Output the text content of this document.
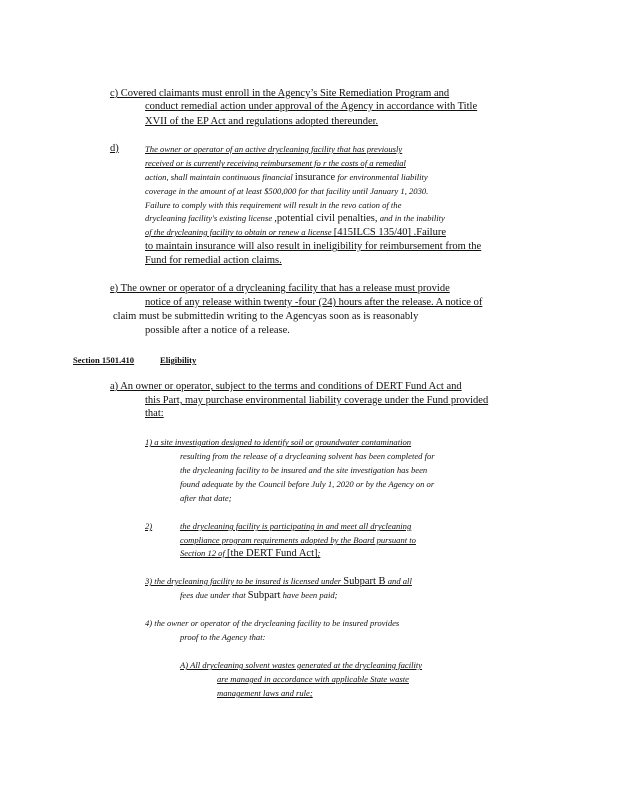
c) Covered claimants must enroll in the Agency’s Site Remediation Program and
conduct remedial action under approval of the Agency in accordance with Title
XVII of the EP Act and regulations adopted thereunder.
d)	The owner or operator of an active drycleaning facility that has previously
received or is currently receiving reimbursement fo r the costs of a remedial
action, shall maintain continuous financial insurance for environmental liability
coverage in the amount of at least $500,000 for that facility until January 1, 2030.
Failure to comply with this requirement will result in the revo cation of the
drycleaning facility's existing license ,potential civil penalties, and in the inability
of the drycleaning facility to obtain or renew a license [415ILCS 135/40] .Failure
to maintain insurance will also result in ineligibility for reimbursement from the
Fund for remedial action claims.
e) The owner or operator of a drycleaning facility that has a release must provide
notice of any release within twenty -four (24) hours after the release. A notice of
claim must be submittedin writing to the Agencyas soon as is reasonably
possible after a notice of a release.
Section 1501.410	Eligibility
a) An owner or operator, subject to the terms and conditions of DERT Fund Act and
this Part, may purchase environmental liability coverage under the Fund provided
that:
1) a site investigation designed to identify soil or groundwater contamination
resulting from the release of a drycleaning solvent has been completed for
the drycleaning facility to be insured and the site investigation has been
found adequate by the Council before July 1, 2020 or by the Agency on or
after that date;
2)	the drycleaning facility is participating in and meet all drycleaning
compliance program requirements adopted by the Board pursuant to
Section 12 of [the DERT Fund Act];
3) the drycleaning facility to be insured is licensed under Subpart B and all
fees due under that Subpart have been paid;
4) the owner or operator of the drycleaning facility to be insured provides
proof to the Agency that:
A) All drycleaning solvent wastes generated at the drycleaning facility
are managed in accordance with applicable State waste
management laws and rule;
